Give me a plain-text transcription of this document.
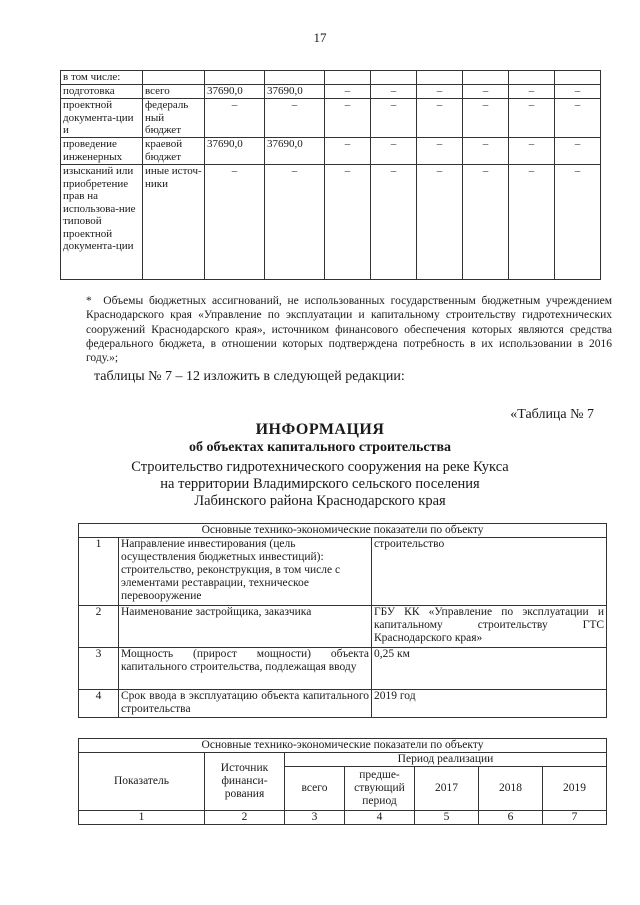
17
в том числе:									
подготовка	всего	37690,0	37690,0	–	–	–	–	–	–
проектной документа-ции и	федераль ный бюджет	–	–	–	–	–	–	–	–
проведение инженерных	краевой бюджет	37690,0	37690,0	–	–	–	–	–	–
изысканий или приобретение прав на использова-ние типовой проектной документа-ции	иные источ-ники	–	–	–	–	–	–	–	–
* Объемы бюджетных ассигнований, не использованных государственным бюджетным учреждением Краснодарского края «Управление по эксплуатации и капитальному строительству гидротехнических сооружений Краснодарского края», источником финансового обеспечения которых являются средства федерального бюджета, в отношении которых подтверждена потребность в их использовании в 2016 году.»;
таблицы № 7 – 12 изложить в следующей редакции:
«Таблица № 7
ИНФОРМАЦИЯ
об объектах капитального строительства
Строительство гидротехнического сооружения на реке Кукса
на территории Владимирского сельского поселения
Лабинского района Краснодарского края
Основные технико-экономические показатели по объекту		
1	Направление инвестирования (цель осуществления бюджетных инвестиций): строительство, реконструкция, в том числе с элементами реставрации, техническое перевооружение	строительство
2	Наименование застройщика, заказчика	ГБУ КК «Управление по эксплуатации и капитальному строительству ГТС Краснодарского края»
3	Мощность (прирост мощности) объекта капитального строительства, подлежащая вводу	0,25 км
4	Срок ввода в эксплуатацию объекта капитального строительства	2019 год
Основные технико-экономические показатели по объекту						
Показатель	Источник финанси-рования	Период реализации				
		всего	предше-ствующий период	2017	2018	2019
1	2	3	4	5	6	7
